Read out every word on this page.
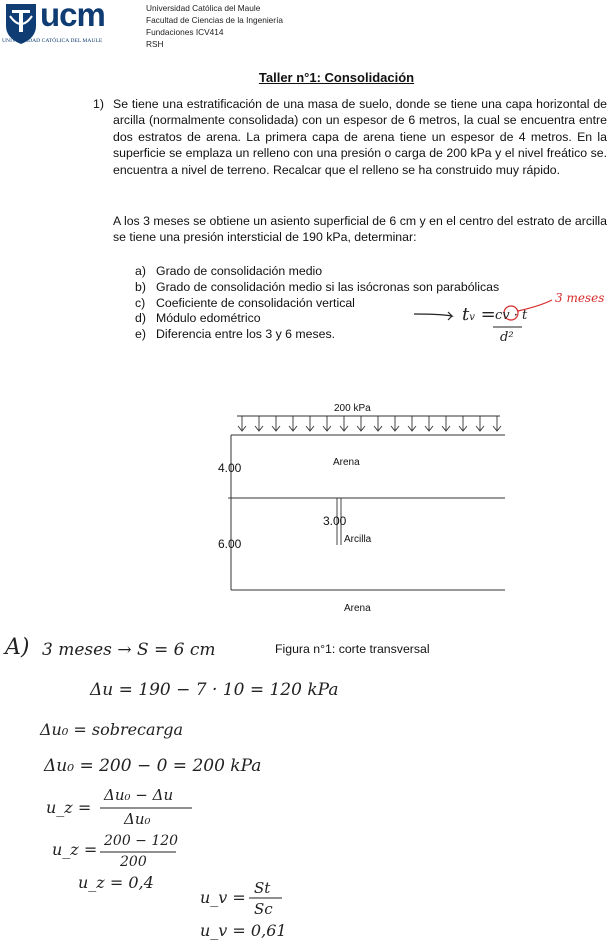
ucm
UNIVERSIDAD CATÓLICA DEL MAULE
Universidad Católica del Maule
Facultad de Ciencias de la Ingeniería
Fundaciones ICV414
RSH
Taller n°1: Consolidación
1) Se tiene una estratificación de una masa de suelo, donde se tiene una capa horizontal de arcilla (normalmente consolidada) con un espesor de 6 metros, la cual se encuentra entre dos estratos de arena. La primera capa de arena tiene un espesor de 4 metros. En la superficie se emplaza un relleno con una presión o carga de 200 kPa y el nivel freático se. encuentra a nivel de terreno. Recalcar que el relleno se ha construido muy rápido.
A los 3 meses se obtiene un asiento superficial de 6 cm y en el centro del estrato de arcilla se tiene una presión intersticial de 190 kPa, determinar:
a) Grado de consolidación medio
b) Grado de consolidación medio si las isócronas son parabólicas
c) Coeficiente de consolidación vertical
d) Módulo edométrico
e) Diferencia entre los 3 y 6 meses.
tv = cv · t
d²
3 meses
200 kPa
4.00	Arena
3.00
6.00	Arcilla
Arena
Figura n°1: corte transversal
A) 3 meses → S = 6 cm
Δu = 190 − 7 · 10 = 120 kPa
Δu₀ = sobrecarga
Δu₀ = 200 − 0 = 200 kPa
u_z =
Δu₀ − Δu
Δu₀
u_z = 200 − 120
200
u_z = 0,4
u_v = St
Sc
u_v = 0,61
